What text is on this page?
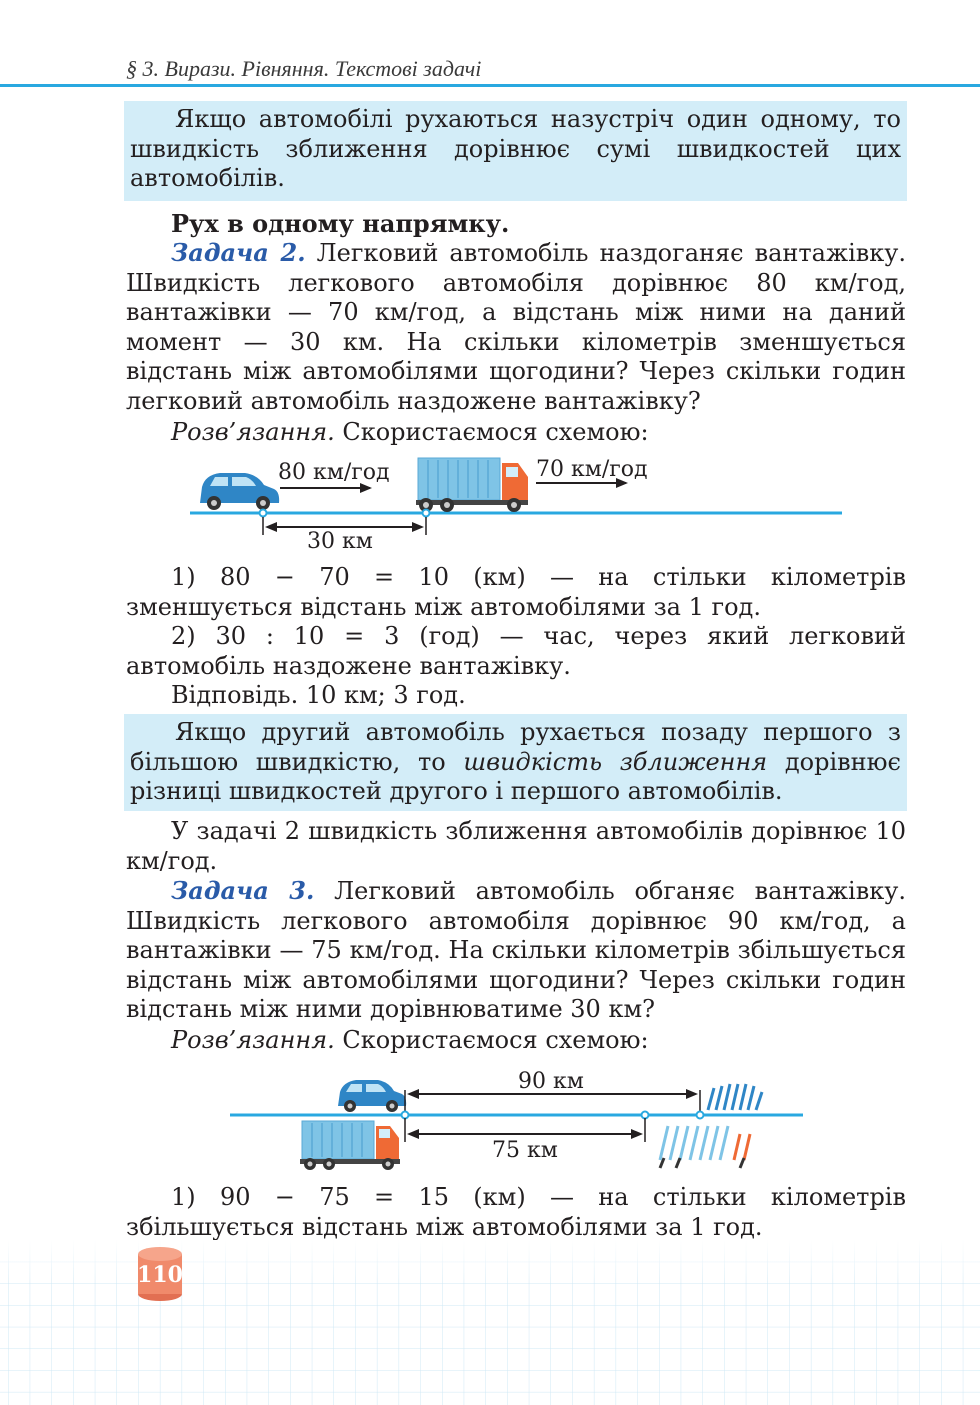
§ 3. Вирази. Рівняння. Текстові задачі
Якщо автомобілі рухаються назустріч один одному, то швидкість зближення дорівнює сумі швидкостей цих автомобілів.
Рух в одному напрямку.
Задача 2. Легковий автомобіль наздоганяє вантажівку. Швидкість легкового автомобіля дорівнює 80 км/год, вантажівки — 70 км/год, а відстань між ними на даний момент — 30 км. На скільки кілометрів зменшується відстань між автомобілями щогодини? Через скільки годин легковий автомобіль наздожене вантажівку?
Розв’язання. Скористаємося схемою:
80 км/год	70 км/год
30 км
1) 80 − 70 = 10 (км) — на стільки кілометрів зменшується відстань між автомобілями за 1 год.
2) 30 : 10 = 3 (год) — час, через який легковий автомобіль наздожене вантажівку.
Відповідь. 10 км; 3 год.
Якщо другий автомобіль рухається позаду першого з більшою швидкістю, то швидкість зближення дорівнює різниці швидкостей другого і першого автомобілів.
У задачі 2 швидкість зближення автомобілів дорівнює 10 км/год.
Задача 3. Легковий автомобіль обганяє вантажівку. Швидкість легкового автомобіля дорівнює 90 км/год, а вантажівки — 75 км/год. На скільки кілометрів збільшується відстань між автомобілями щогодини? Через скільки годин відстань між ними дорівнюватиме 30 км?
Розв’язання. Скористаємося схемою:
90 км
75 км
1) 90 − 75 = 15 (км) — на стільки кілометрів збільшується відстань між автомобілями за 1 год.
110
